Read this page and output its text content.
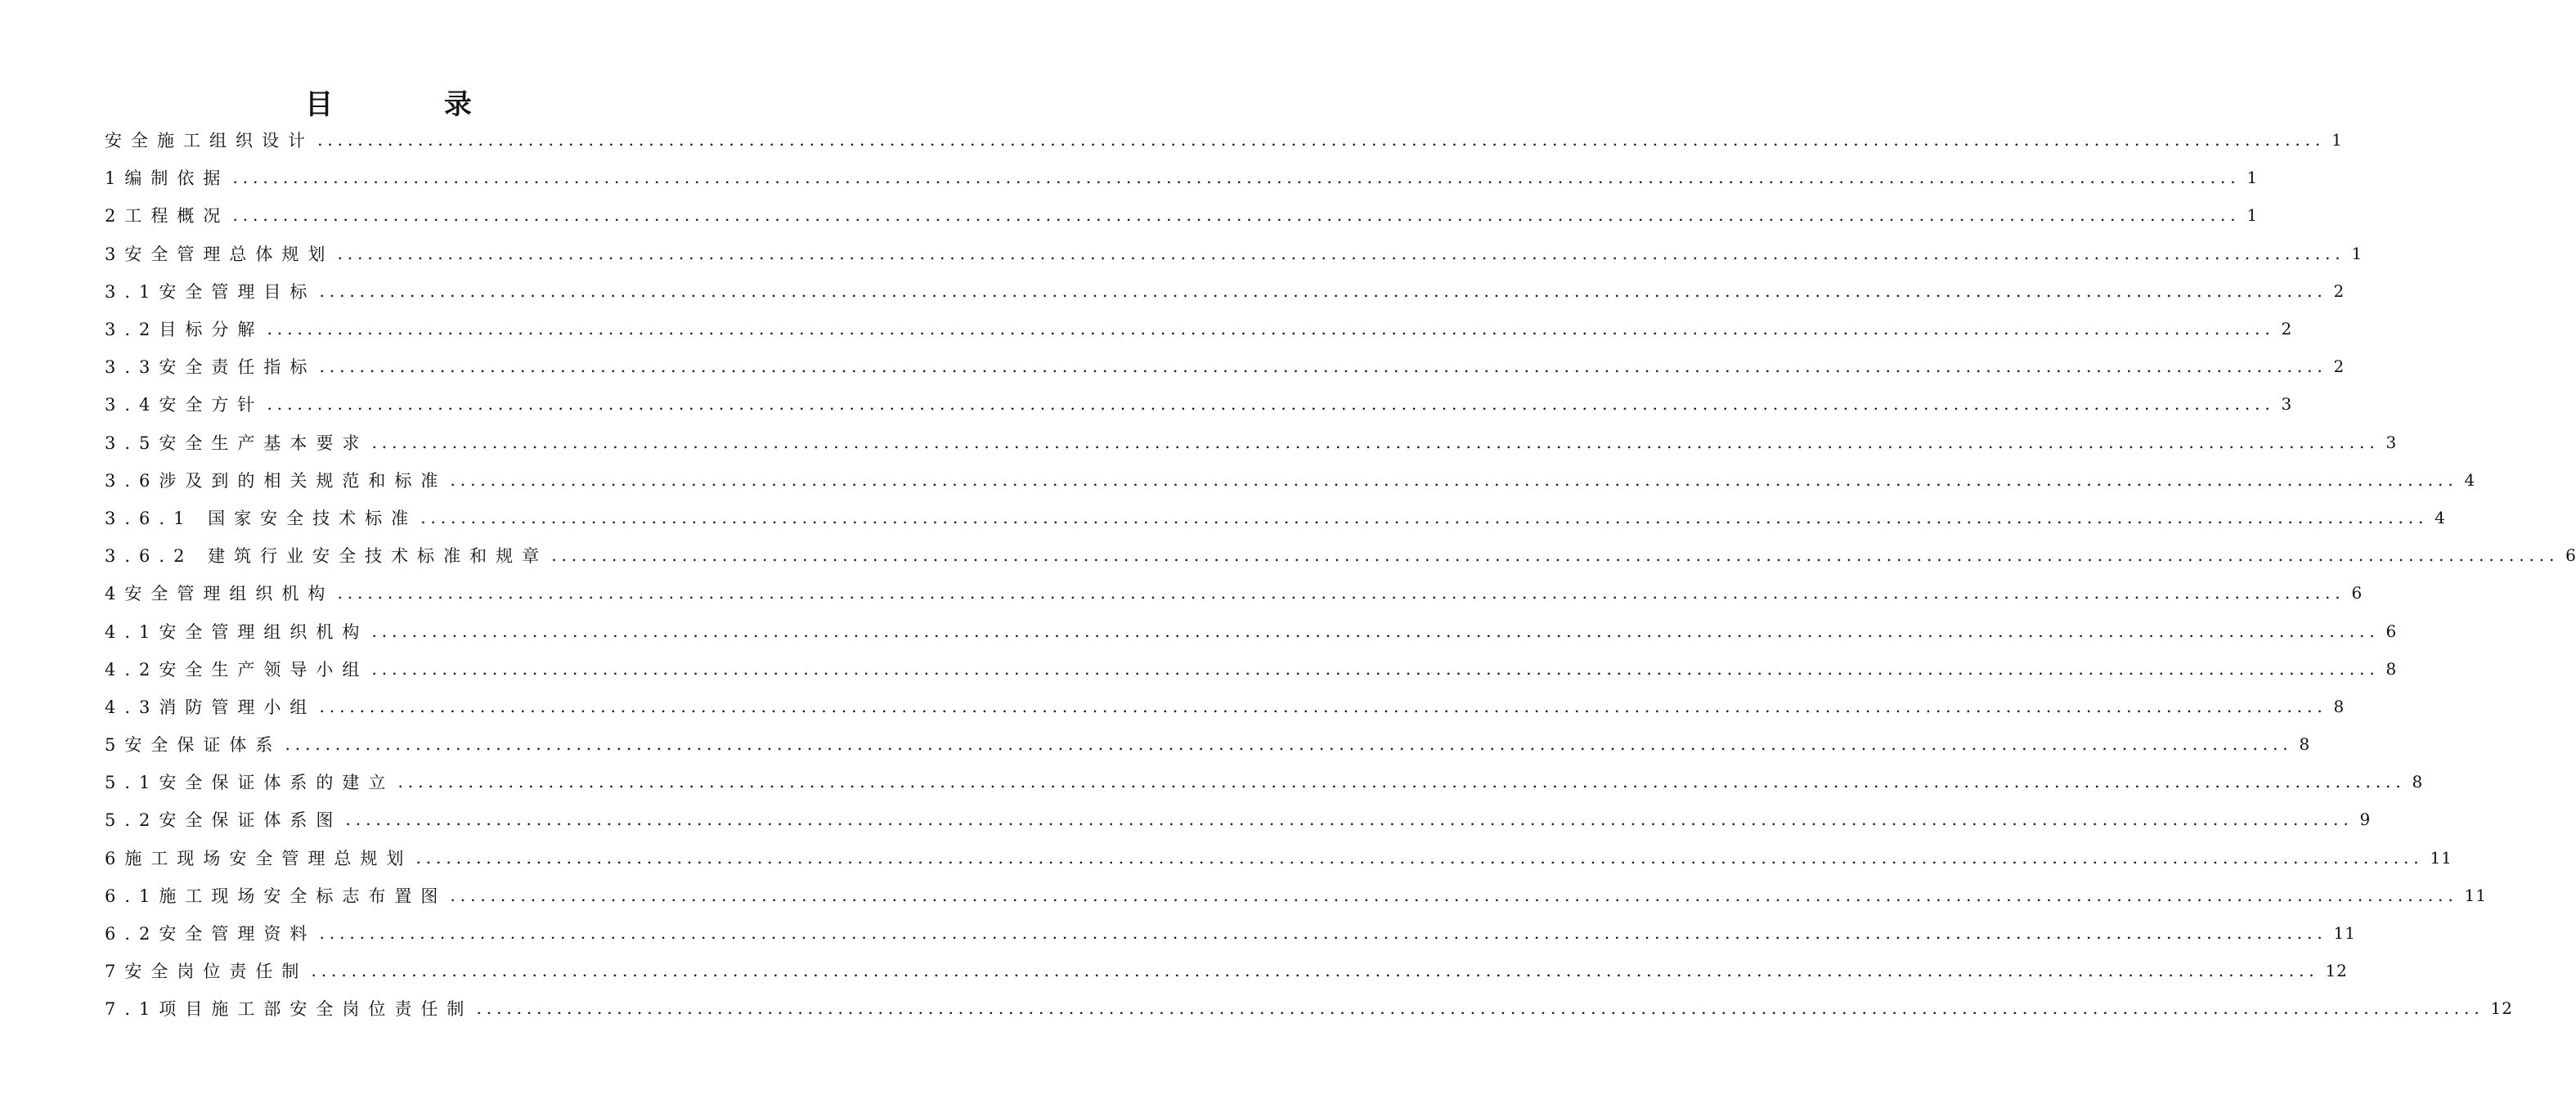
目 录
安全施工组织设计 ........................................................................................................................................................................................................ 1
1编制依据 ........................................................................................................................................................................................................ 1
2工程概况 ........................................................................................................................................................................................................ 1
3安全管理总体规划 ........................................................................................................................................................................................................ 1
3.1安全管理目标 ........................................................................................................................................................................................................ 2
3.2目标分解 ........................................................................................................................................................................................................ 2
3.3安全责任指标 ........................................................................................................................................................................................................ 2
3.4安全方针 ........................................................................................................................................................................................................ 3
3.5安全生产基本要求 ........................................................................................................................................................................................................ 3
3.6涉及到的相关规范和标准 ........................................................................................................................................................................................................ 4
3.6.1 国家安全技术标准 ........................................................................................................................................................................................................ 4
3.6.2 建筑行业安全技术标准和规章 ........................................................................................................................................................................................................ 6
4安全管理组织机构 ........................................................................................................................................................................................................ 6
4.1安全管理组织机构 ........................................................................................................................................................................................................ 6
4.2安全生产领导小组 ........................................................................................................................................................................................................ 8
4.3消防管理小组 ........................................................................................................................................................................................................ 8
5安全保证体系 ........................................................................................................................................................................................................ 8
5.1安全保证体系的建立 ........................................................................................................................................................................................................ 8
5.2安全保证体系图 ........................................................................................................................................................................................................ 9
6施工现场安全管理总规划 ........................................................................................................................................................................................................ 11
6.1施工现场安全标志布置图 ........................................................................................................................................................................................................ 11
6.2安全管理资料 ........................................................................................................................................................................................................ 11
7安全岗位责任制 ........................................................................................................................................................................................................ 12
7.1项目施工部安全岗位责任制 ........................................................................................................................................................................................................ 12
